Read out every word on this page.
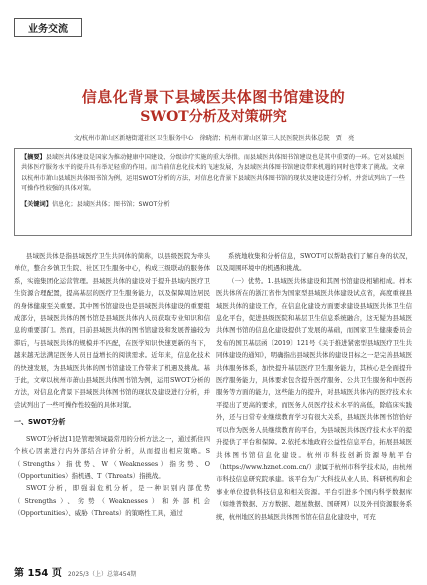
业务交流
信息化背景下县域医共体图书馆建设的
SWOT分析及对策研究
文/杭州市萧山区新塘街道社区卫生服务中心　徐晓清；杭州市萧山区第三人民医院医共体总院　贾　亮

【摘要】县域医共体建设是国家为推动健康中国建设、分级诊疗实施的重大举措。而县域医共体图书馆建设也是其中重要的一环。它对县域医共体医疗服务水平的提升具有举足轻重的作用。而当前信息化技术的飞速发展，为县域医共体图书馆建设带来机遇的同时也带来了挑战。文章以杭州市萧山县域医共体图书馆为例，运用SWOT分析的方法，对信息化背景下县域医共体图书馆的现状及建设进行分析，并尝试列出了一些可操作性较强的具体对策。

【关键词】信息化；县域医共体；图书馆；SWOT分析

县域医共体是指县域医疗卫生共同体的简称，以县级医院为牵头单位，整合乡镇卫生院、社区卫生服务中心，构成三级联动的服务体系，实施集团化运营管理。县域医共体的建设对于提升县域内医疗卫生资源合理配置，提高基层的医疗卫生服务能力，以及保障周边居民的身体健康至关重要。其中图书馆建设也是县域医共体建设的重要组成部分，县域医共体的图书馆是县域医共体内人员获取专业知识和信息的重要部门。然而，目前县域医共体的图书馆建设和发展普遍较为滞后，与县域医共体的规模并不匹配，在医学知识快速更新的当下，越来越无法满足医务人员日益增长的阅读需求。近年来，信息化技术的快速发展，为县域医共体的图书馆建设工作带来了机遇及挑战。基于此，文章以杭州市萧山县域医共体图书馆为例，运用SWOT分析的方法，对信息化背景下县域医共体图书馆的现状及建设进行分析，并尝试列出了一些可操作性较强的具体对策。

一、SWOT分析

SWOT分析法[1]是管理领域最常用的分析方法之一，通过抓住四个核心因素进行内外部结合评价分析，从而提出相应策略。S（Strengths）指优势、W（Weaknesses）指劣势、O（Opportunities）指机遇、T（Threats）指挑战。

SWOT分析，即强弱危机分析，是一种识别内部优势（Strengths）、劣势（Weaknesses）和外部机会（Opportunities）、威胁（Threats）的策略性工具，通过

系统地收集和分析信息，SWOT可以帮助我们了解自身的状况，以及周围环境中的机遇和挑战。

（一）优势。1.县域医共体建设和其图书馆建设相辅相成。样本医共体所在的浙江省作为国家型县域医共体建设试点省，高度重视县域医共体的建设工作，在信息化建设方面要求建设县域医共体卫生信息化平台，促进县级医院和基层卫生信息系统融合，这无疑为县域医共体图书馆的信息化建设提供了发展的基础，而国家卫生健康委员会发布的国卫基层函〔2019〕121号《关于推进紧密型县域医疗卫生共同体建设的通知》，明确指出县域医共体的建设目标之一是完善县域医共体服务体系，加快提升基层医疗卫生服务能力，其核心是全面提升医疗服务能力，具体要求包含提升医疗服务、公共卫生服务和中医药服务等方面的能力，这些能力的提升，对县域医共体内的医疗技术水平提出了更高的要求，而医务人员医疗技术水平的高低，除临床实践外，还与日常专业继续教育学习有很大关系，县域医共体图书馆恰好可以作为医务人员继续教育的平台，为县域医共体医疗技术水平的提升提供了平台和保障。2.依托本地政府公益性信息平台，拓展县域医共体图书馆信息化建设。杭州市科技创新资源导航平台（https://www.hznet.com.cn/）隶属于杭州市科学技术局，由杭州市科技信息研究院承建。该平台为广大科技从业人员、科研机构和企事业单位提供科技信息和相关资源。平台引进多个国内科学数据库（如维普数据、万方数据、超星数据、国研网）以及外刊资源服务系统，杭州地区的县域医共体图书馆在信息化建设中，可充

第 154 页 2025/3（上）总第454期
